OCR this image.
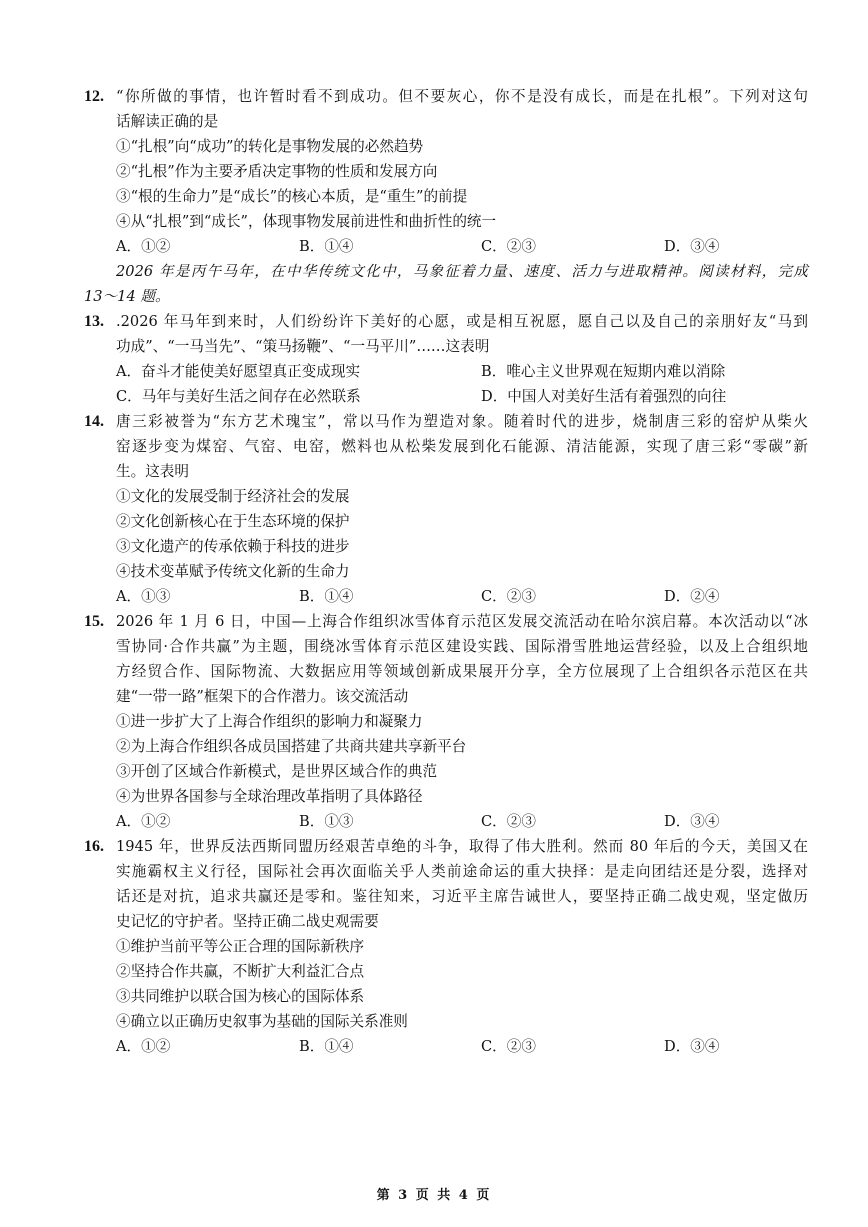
12. “你所做的事情，也许暂时看不到成功。但不要灰心，你不是没有成长，而是在扎根”。下列对这句
话解读正确的是
①“扎根”向“成功”的转化是事物发展的必然趋势
②“扎根”作为主要矛盾决定事物的性质和发展方向
③“根的生命力”是“成长”的核心本质，是“重生”的前提
④从“扎根”到“成长”，体现事物发展前进性和曲折性的统一
A．①②	B．①④	C．②③	D．③④
2026 年是丙午马年，在中华传统文化中，马象征着力量、速度、活力与进取精神。阅读材料，完成
13～14 题。
13. .2026 年马年到来时，人们纷纷许下美好的心愿，或是相互祝愿，愿自己以及自己的亲朋好友“马到
功成”、“一马当先”、“策马扬鞭”、“一马平川”……这表明
A．奋斗才能使美好愿望真正变成现实	B．唯心主义世界观在短期内难以消除
C．马年与美好生活之间存在必然联系	D．中国人对美好生活有着强烈的向往
14. 唐三彩被誉为“东方艺术瑰宝”，常以马作为塑造对象。随着时代的进步，烧制唐三彩的窑炉从柴火
窑逐步变为煤窑、气窑、电窑，燃料也从松柴发展到化石能源、清洁能源，实现了唐三彩“零碳”新
生。这表明
①文化的发展受制于经济社会的发展
②文化创新核心在于生态环境的保护
③文化遗产的传承依赖于科技的进步
④技术变革赋予传统文化新的生命力
A．①③	B．①④	C．②③	D．②④
15. 2026 年 1 月 6 日，中国—上海合作组织冰雪体育示范区发展交流活动在哈尔滨启幕。本次活动以“冰
雪协同·合作共赢”为主题，围绕冰雪体育示范区建设实践、国际滑雪胜地运营经验，以及上合组织地
方经贸合作、国际物流、大数据应用等领域创新成果展开分享，全方位展现了上合组织各示范区在共
建“一带一路”框架下的合作潜力。该交流活动
①进一步扩大了上海合作组织的影响力和凝聚力
②为上海合作组织各成员国搭建了共商共建共享新平台
③开创了区域合作新模式，是世界区域合作的典范
④为世界各国参与全球治理改革指明了具体路径
A．①②	B．①③	C．②③	D．③④
16. 1945 年，世界反法西斯同盟历经艰苦卓绝的斗争，取得了伟大胜利。然而 80 年后的今天，美国又在
实施霸权主义行径，国际社会再次面临关乎人类前途命运的重大抉择：是走向团结还是分裂，选择对
话还是对抗，追求共赢还是零和。鉴往知来，习近平主席告诫世人，要坚持正确二战史观，坚定做历
史记忆的守护者。坚持正确二战史观需要
①维护当前平等公正合理的国际新秩序
②坚持合作共赢，不断扩大利益汇合点
③共同维护以联合国为核心的国际体系
④确立以正确历史叙事为基础的国际关系准则
A．①②	B．①④	C．②③	D．③④
第 3 页 共 4 页
